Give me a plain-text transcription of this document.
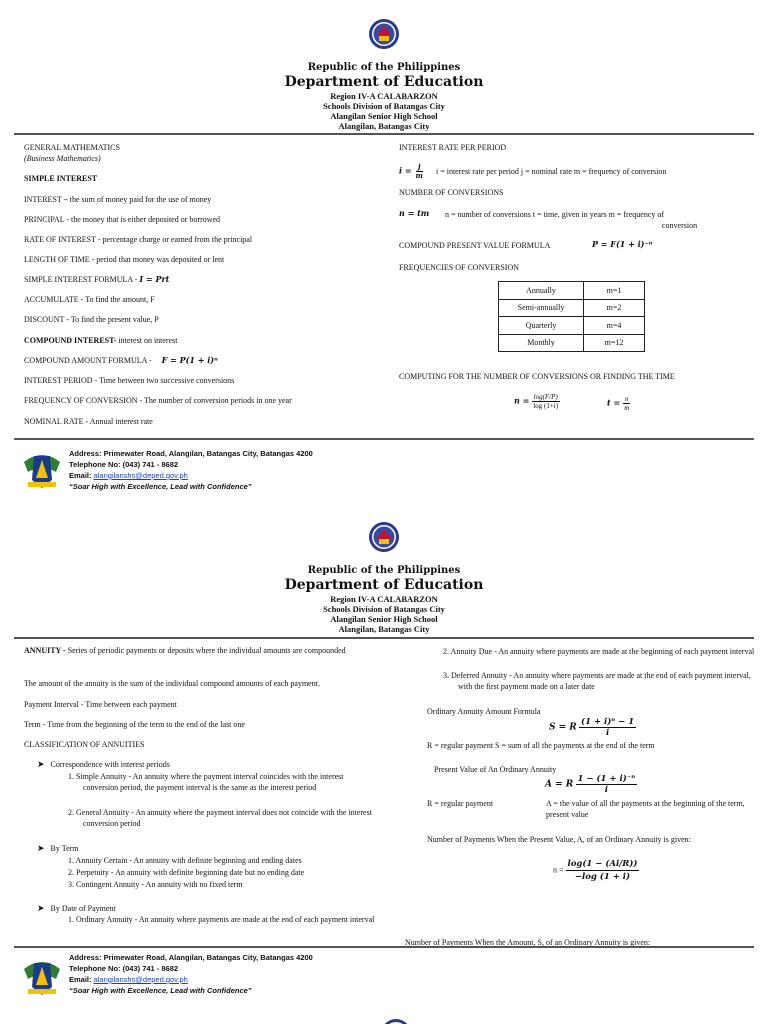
Republic of the Philippines
Department of Education
Region IV-A CALABARZON
Schools Division of Batangas City
Alangilan Senior High School
Alangilan, Batangas City
GENERAL MATHEMATICS
(Business Mathematics)
SIMPLE INTEREST
INTEREST – the sum of money paid for the use of money
PRINCIPAL - the money that is either deposited or borrowed
RATE OF INTEREST - percentage charge or earned from the principal
LENGTH OF TIME - period that money was deposited or lent
SIMPLE INTEREST FORMULA - I = Prt
ACCUMULATE - To find the amount, F
DISCOUNT - To find the present value, P
COMPOUND INTEREST- interest on interest
COMPOUND AMOUNT FORMULA - F = P(1 + i)ⁿ
INTEREST PERIOD - Time between two successive conversions
FREQUENCY OF CONVERSION - The number of conversion periods in one year
NOMINAL RATE - Annual interest rate
INTEREST RATE PER PERIOD
$i = \frac{j}{m}$ i = interest rate per period j = nominal rate m = frequency of conversion
NUMBER OF CONVERSIONS
n = tm n = number of conversions t = time, given in years m = frequency of
conversion
COMPOUND PRESENT VALUE FORMULA	P = F(1 + i)⁻ⁿ
FREQUENCIES OF CONVERSION
Annually	m=1
Semi-annually	m=2
Quarterly	m=4
Monthly	m=12
COMPUTING FOR THE NUMBER OF CONVERSIONS OR FINDING THE TIME
$n = \frac{\log(F/P)}{\log (1+i)}$	$t = \frac{n}{m}$
Address: Primewater Road, Alangilan, Batangas City, Batangas 4200
Telephone No: (043) 741 - 8682
Email: alangilanshs@deped.gov.ph
“Soar High with Excellence, Lead with Confidence”
Republic of the Philippines
Department of Education
Region IV-A CALABARZON
Schools Division of Batangas City
Alangilan Senior High School
Alangilan, Batangas City
ANNUITY - Series of periodic payments or deposits where the individual amounts are compounded
The amount of the annuity is the sum of the individual compound amounts of each payment.
Payment Interval - Time between each payment
Term - Time from the beginning of the term to the end of the last one
CLASSIFICATION OF ANNUITIES
➤ Correspondence with interest periods
1. Simple Annuity - An annuity where the payment interval coincides with the interest conversion period, the payment interval is the same as the interest period
2. General Annuity - An annuity where the payment interval does not coincide with the interest conversion period
➤ By Term
1. Annuity Certain - An annuity with definite beginning and ending dates
2. Perpetuity - An annuity with definite beginning date but no ending date
3. Contingent Annuity - An annuity with no fixed term
➤ By Date of Payment
1. Ordinary Annuity - An annuity where payments are made at the end of each payment interval
2. Annuity Due - An annuity where payments are made at the beginning of each payment interval
3. Deferred Annuity - An annuity where payments are made at the end of each payment interval, with the first payment made on a later date
Ordinary Annuity Amount Formula
S = R $\frac{\text{(1 + i)ⁿ − 1}}{i}$
R = regular payment S = sum of all the payments at the end of the term
Present Value of An Ordinary Annuity
A = R $\frac{\text{1 − (1 + i)⁻ⁿ}}{i}$
R = regular payment	A = the value of all the payments at the beginning of the term, present value
Number of Payments When the Present Value, A, of an Ordinary Annuity is given:
$n = \frac{\log(1 - (Ai/R))}{-\log (1 + i)}$
Number of Payments When the Amount, S, of an Ordinary Annuity is given:
Address: Primewater Road, Alangilan, Batangas City, Batangas 4200
Telephone No: (043) 741 - 8682
Email: alangilanshs@deped.gov.ph
“Soar High with Excellence, Lead with Confidence”
